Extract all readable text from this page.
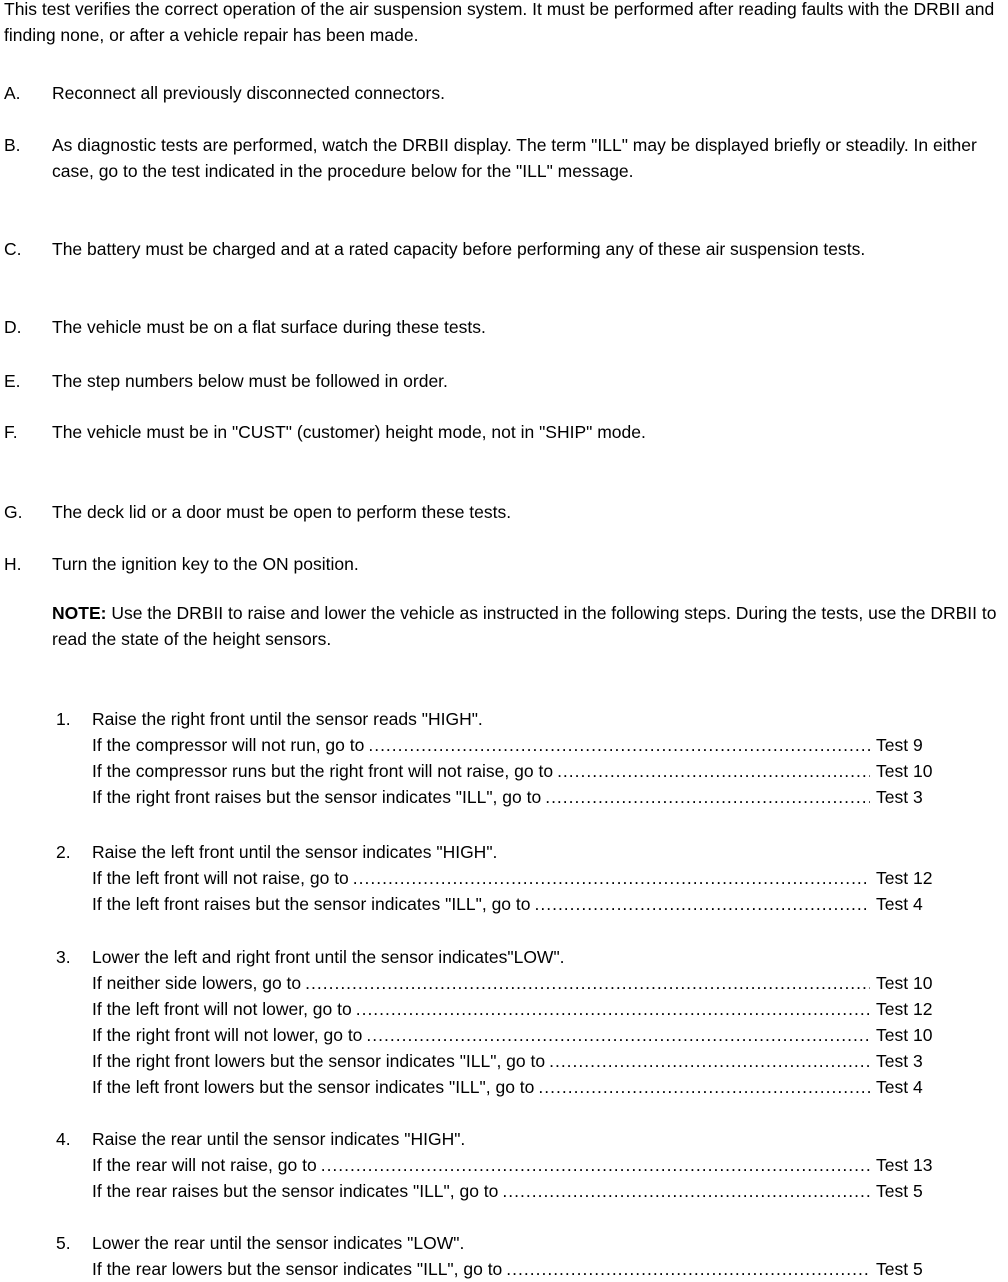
This test verifies the correct operation of the air suspension system. It must be performed after reading faults with the DRBII and finding none, or after a vehicle repair has been made.
A.	Reconnect all previously disconnected connectors.
B.	As diagnostic tests are performed, watch the DRBII display. The term "ILL" may be displayed briefly or steadily. In either case, go to the test indicated in the procedure below for the "ILL" message.
C.	The battery must be charged and at a rated capacity before performing any of these air suspension tests.
D.	The vehicle must be on a flat surface during these tests.
E.	The step numbers below must be followed in order.
F.	The vehicle must be in "CUST" (customer) height mode, not in "SHIP" mode.
G.	The deck lid or a door must be open to perform these tests.
H.	Turn the ignition key to the ON position.
NOTE: Use the DRBII to raise and lower the vehicle as instructed in the following steps. During the tests, use the DRBII to read the state of the height sensors.
1.	Raise the right front until the sensor reads "HIGH".
If the compressor will not run, go to .....	Test 9
If the compressor runs but the right front will not raise, go to .....	Test 10
If the right front raises but the sensor indicates "ILL", go to .....	Test 3
2.	Raise the left front until the sensor indicates "HIGH".
If the left front will not raise, go to .....	Test 12
If the left front raises but the sensor indicates "ILL", go to .....	Test 4
3.	Lower the left and right front until the sensor indicates"LOW".
If neither side lowers, go to .....	Test 10
If the left front will not lower, go to .....	Test 12
If the right front will not lower, go to .....	Test 10
If the right front lowers but the sensor indicates "ILL", go to .....	Test 3
If the left front lowers but the sensor indicates "ILL", go to .....	Test 4
4.	Raise the rear until the sensor indicates "HIGH".
If the rear will not raise, go to .....	Test 13
If the rear raises but the sensor indicates "ILL", go to .....	Test 5
5.	Lower the rear until the sensor indicates "LOW".
If the rear lowers but the sensor indicates "ILL", go to .....	Test 5
